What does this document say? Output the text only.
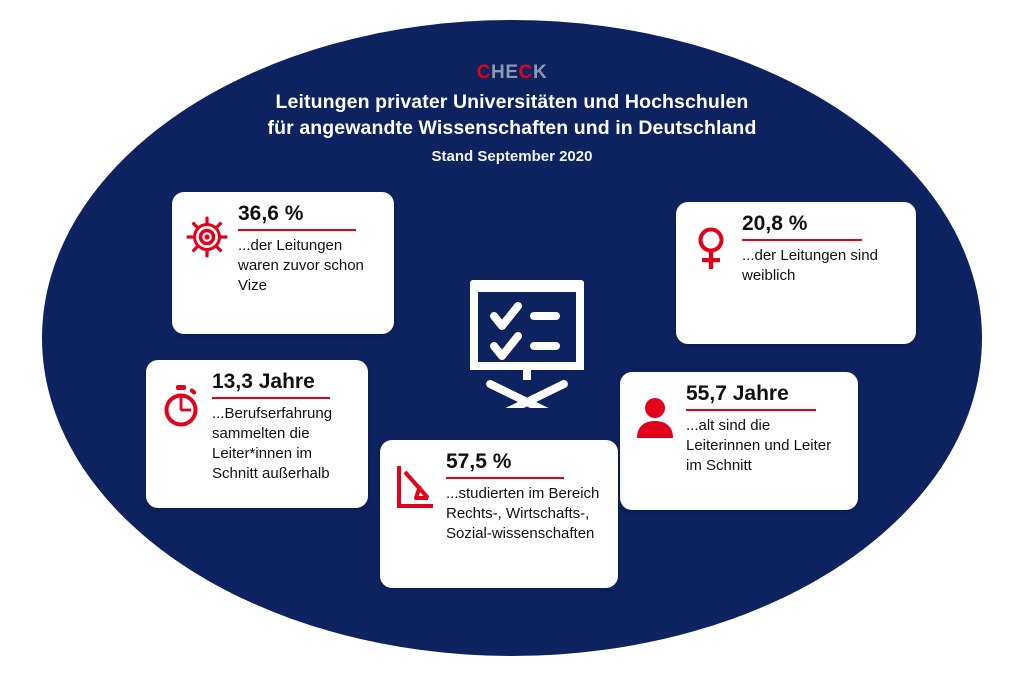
CHECK
Leitungen privater Universitäten und Hochschulen
für angewandte Wissenschaften und in Deutschland
Stand September 2020
36,6 %
...der Leitungen waren zuvor schon Vize
20,8 %
...der Leitungen sind weiblich
13,3 Jahre
...Berufserfahrung sammelten die Leiter*innen im Schnitt außerhalb
55,7 Jahre
...alt sind die Leiterinnen und Leiter im Schnitt
57,5 %
...studierten im Bereich Rechts-, Wirtschafts-, Sozial-wissenschaften
